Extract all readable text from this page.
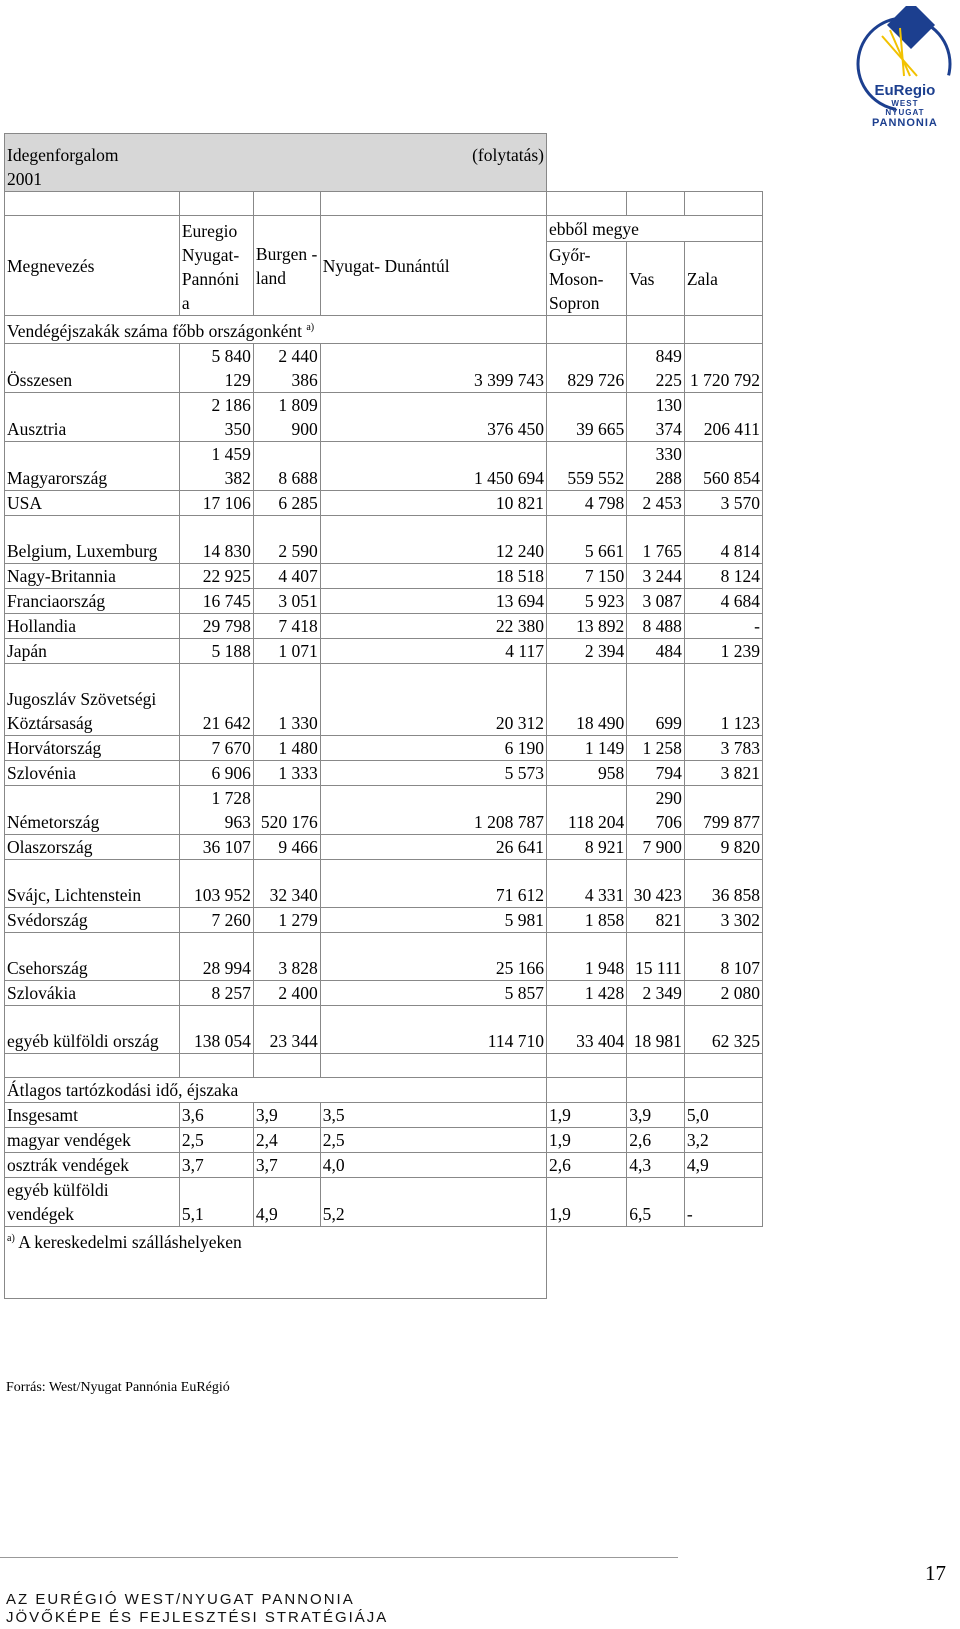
EuRegio
WEST
NYUGAT
PANNONIA
Idegenforgalom (folytatás)
2001						

Megnevezés	Euregio Nyugat-Pannóni a	Burgen -land	Nyugat- Dunántúl	ebből megye		
				Győr- Moson- Sopron	Vas	Zala
Vendégéjszakák száma főbb országonként $^{a)}$			
Összesen	5 840 129	2 440 386	3 399 743	829 726	849 225	1 720 792
Ausztria	2 186 350	1 809 900	376 450	39 665	130 374	206 411
Magyarország	1 459 382	8 688	1 450 694	559 552	330 288	560 854
USA	17 106	6 285	10 821	4 798	2 453	3 570
Belgium, Luxemburg	14 830	2 590	12 240	5 661	1 765	4 814
Nagy-Britannia	22 925	4 407	18 518	7 150	3 244	8 124
Franciaország	16 745	3 051	13 694	5 923	3 087	4 684
Hollandia	29 798	7 418	22 380	13 892	8 488	-
Japán	5 188	1 071	4 117	2 394	484	1 239
Jugoszláv Szövetségi Köztársaság	21 642	1 330	20 312	18 490	699	1 123
Horvátország	7 670	1 480	6 190	1 149	1 258	3 783
Szlovénia	6 906	1 333	5 573	958	794	3 821
Németország	1 728 963	520 176	1 208 787	118 204	290 706	799 877
Olaszország	36 107	9 466	26 641	8 921	7 900	9 820
Svájc, Lichtenstein	103 952	32 340	71 612	4 331	30 423	36 858
Svédország	7 260	1 279	5 981	1 858	821	3 302
Csehország	28 994	3 828	25 166	1 948	15 111	8 107
Szlovákia	8 257	2 400	5 857	1 428	2 349	2 080
egyéb külföldi ország	138 054	23 344	114 710	33 404	18 981	62 325

Átlagos tartózkodási idő, éjszaka						
Insgesamt	3,6	3,9	3,5	1,9	3,9	5,0
magyar vendégek	2,5	2,4	2,5	1,9	2,6	3,2
osztrák vendégek	3,7	3,7	4,0	2,6	4,3	4,9
egyéb külföldi vendégek	5,1	4,9	5,2	1,9	6,5	-
$^{a)}$ A kereskedelmi szálláshelyeken						
Forrás: West/Nyugat Pannónia EuRégió
AZ EURÉGIÓ WEST/NYUGAT PANNONIA
JÖVŐKÉPE ÉS FEJLESZTÉSI STRATÉGIÁJA
17
